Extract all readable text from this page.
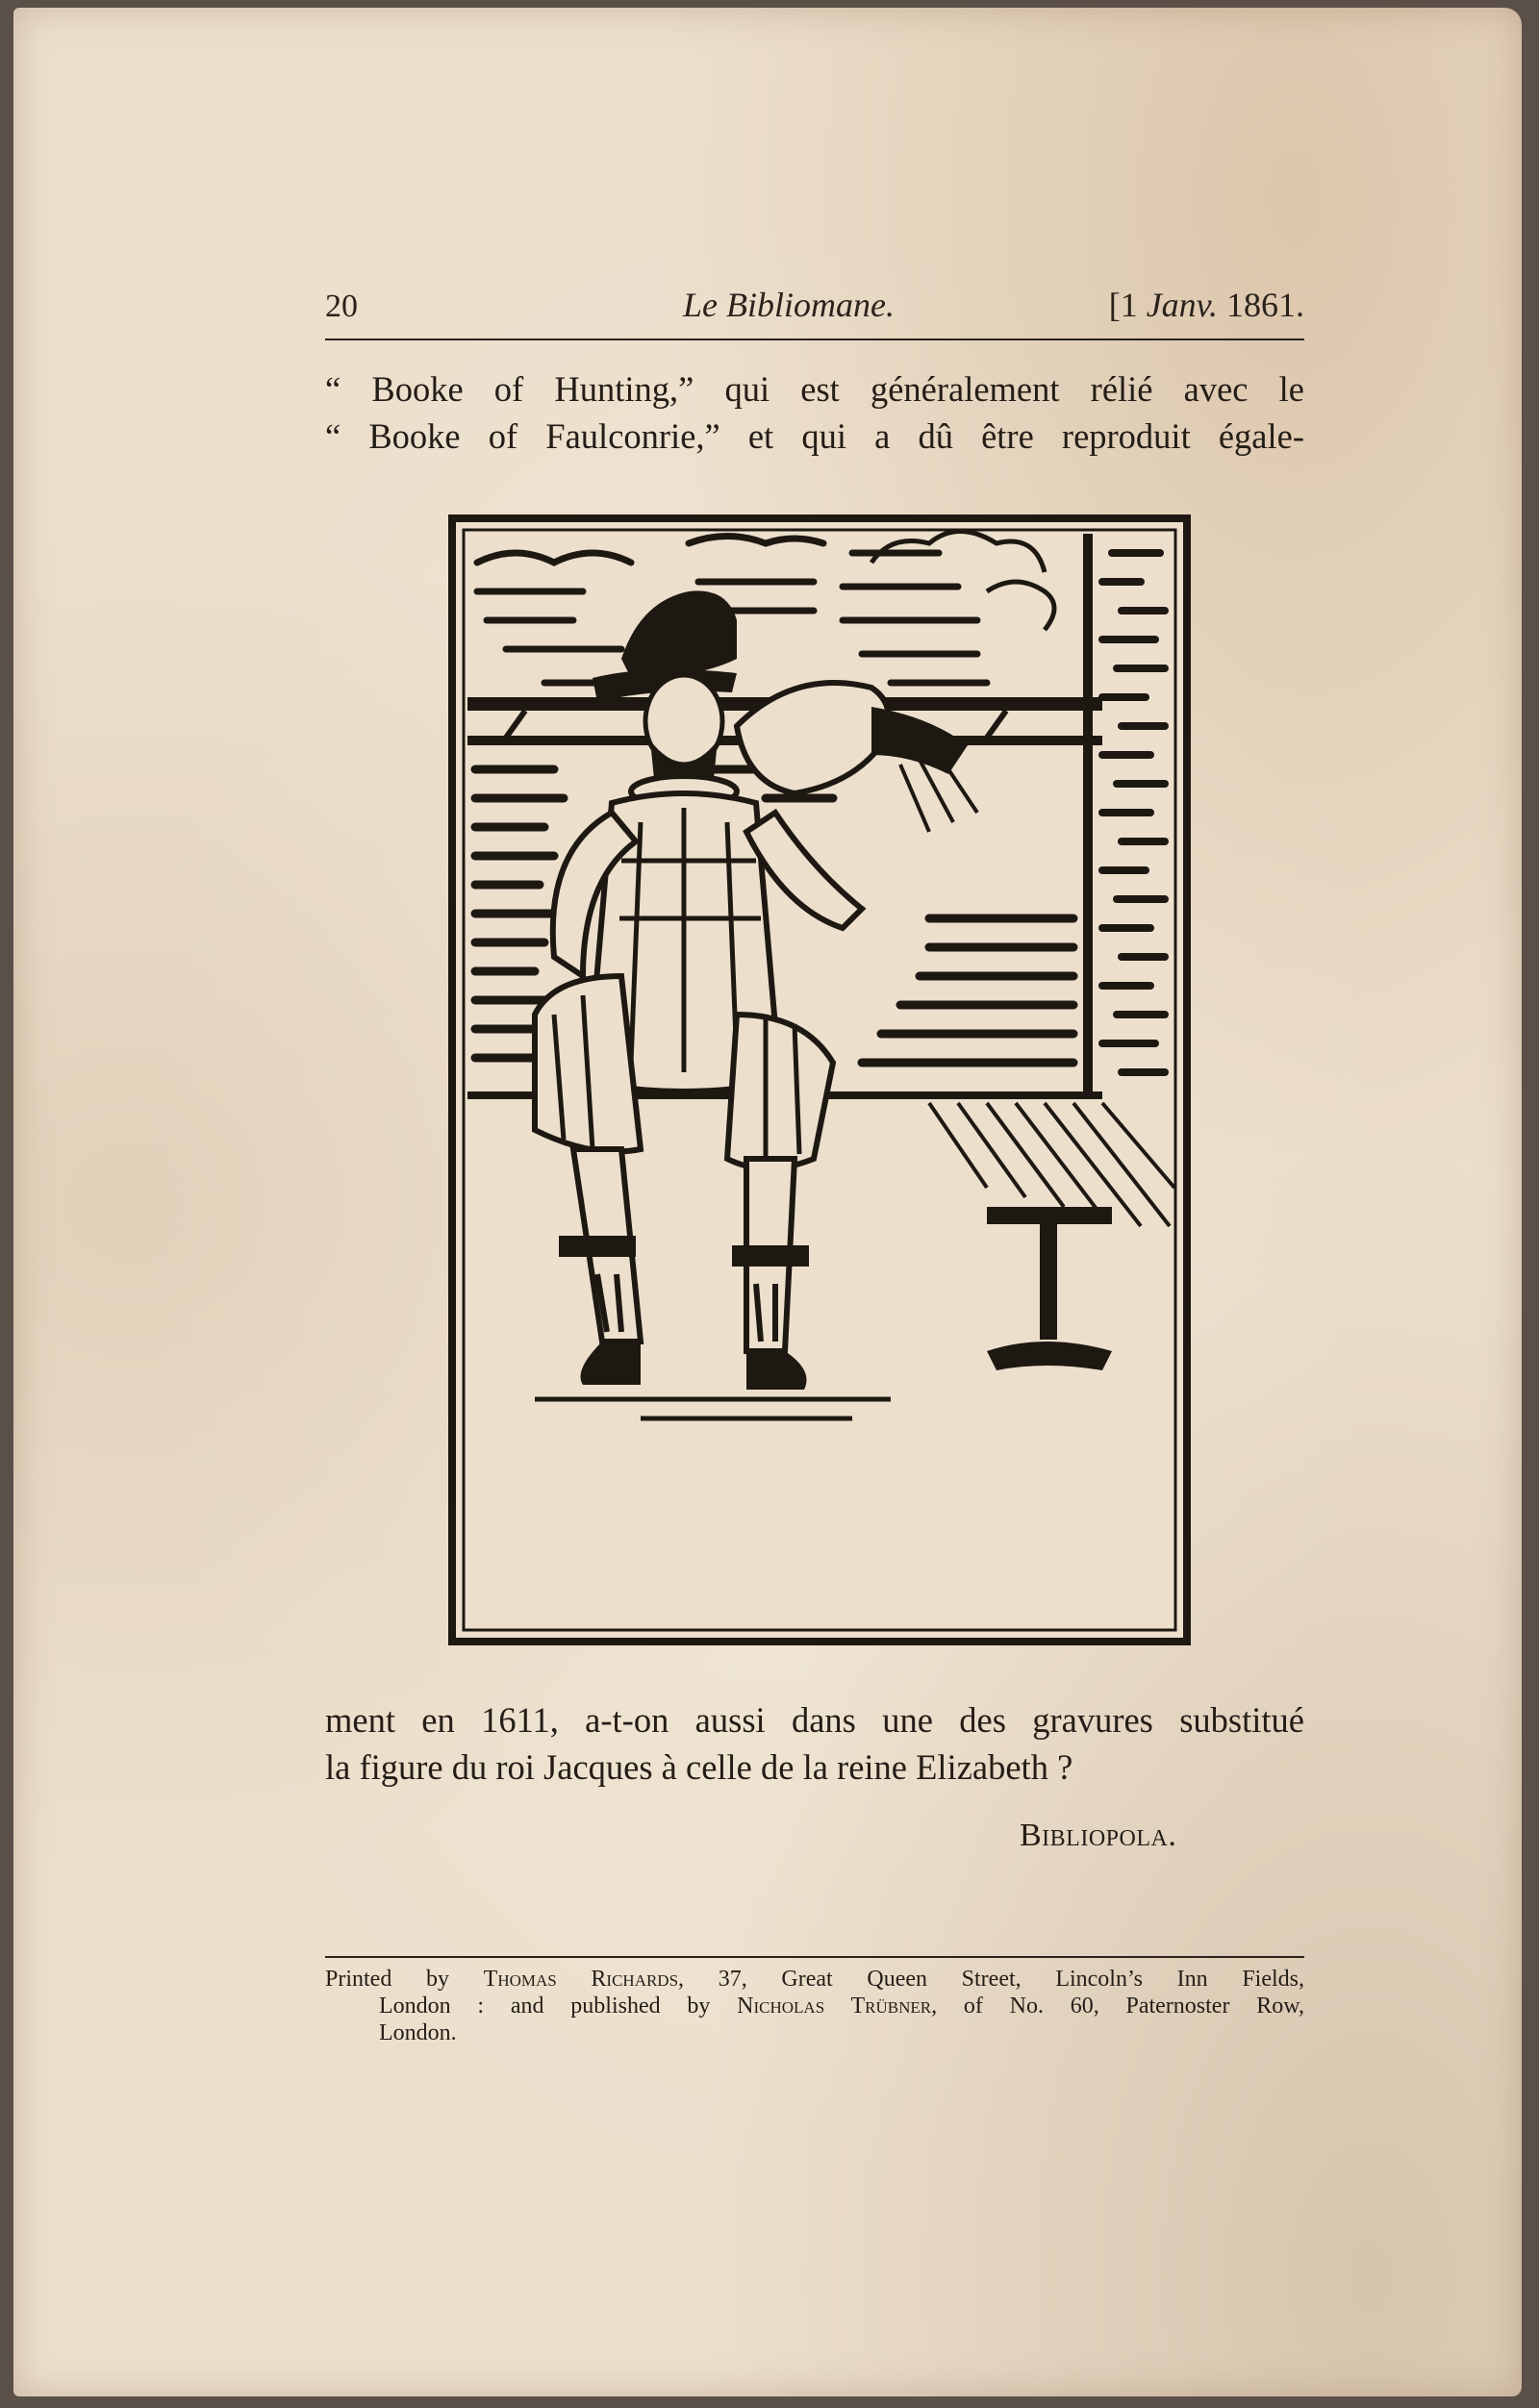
20	Le Bibliomane.	[1 Janv. 1861.
“ Booke of Hunting,” qui est généralement rélié avec le
“ Booke of Faulconrie,” et qui a dû être reproduit égale-
ment en 1611, a-t-on aussi dans une des gravures substitué
la figure du roi Jacques à celle de la reine Elizabeth ?
Bibliopola.
Printed by Thomas Richards, 37, Great Queen Street, Lincoln’s Inn Fields,
London : and published by Nicholas Trübner, of No. 60, Paternoster Row,
London.
